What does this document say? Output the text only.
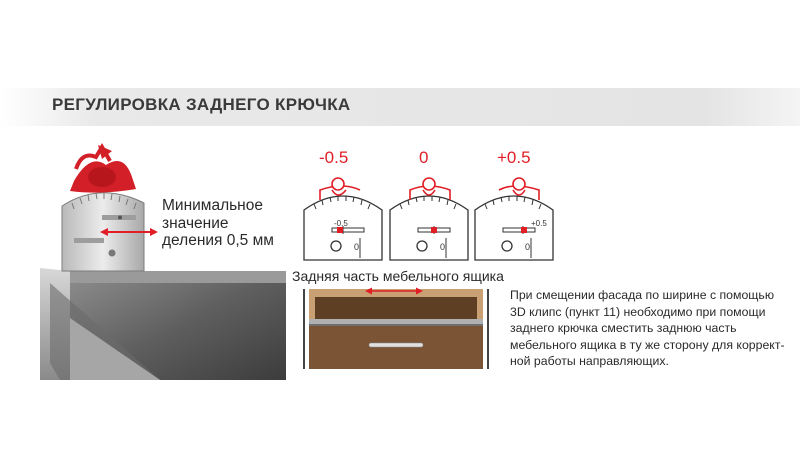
РЕГУЛИРОВКА ЗАДНЕГО КРЮЧКА
Минимальное
значение
деления 0,5 мм
-0.5	0	+0.5
-0.5
0	0
+0.5
0
Задняя часть мебельного ящика
При смещении фасада по ширине с помощью
3D клипс (пункт 11) необходимо при помощи
заднего крючка сместить заднюю часть
мебельного ящика в ту же сторону для коррект-
ной работы направляющих.
